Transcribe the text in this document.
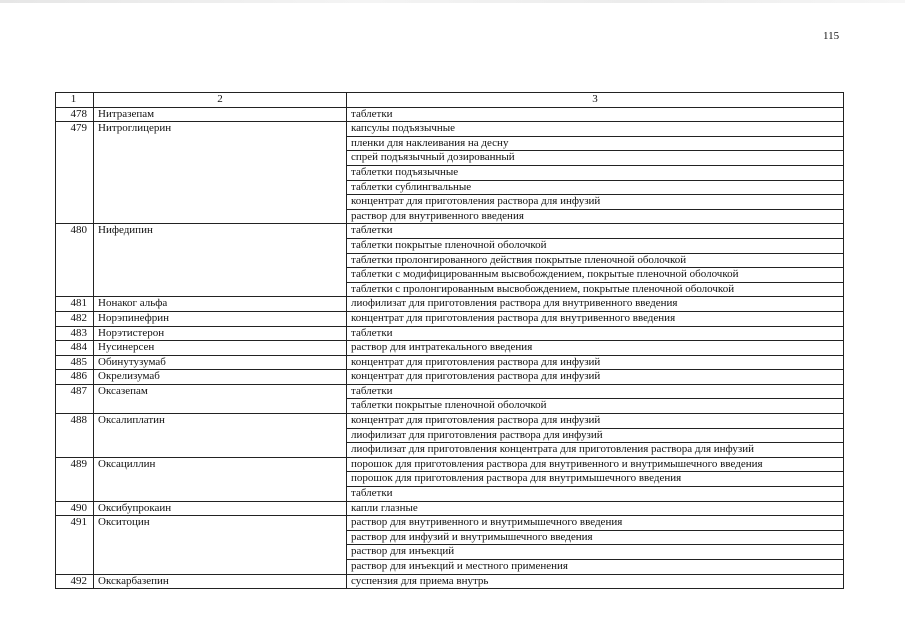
115
1	2	3
478	Нитразепам	таблетки
479	Нитроглицерин	капсулы подъязычные
		пленки для наклеивания на десну
		спрей подъязычный дозированный
		таблетки подъязычные
		таблетки сублингвальные
		концентрат для приготовления раствора для инфузий
		раствор для внутривенного введения
480	Нифедипин	таблетки
		таблетки покрытые пленочной оболочкой
		таблетки пролонгированного действия покрытые пленочной оболочкой
		таблетки с модифицированным высвобождением, покрытые пленочной оболочкой
		таблетки с пролонгированным высвобождением, покрытые пленочной оболочкой
481	Нонаког альфа	лиофилизат для приготовления раствора для внутривенного введения
482	Норэпинефрин	концентрат для приготовления раствора для внутривенного введения
483	Норэтистерон	таблетки
484	Нусинерсен	раствор для интратекального введения
485	Обинутузумаб	концентрат для приготовления раствора для инфузий
486	Окрелизумаб	концентрат для приготовления раствора для инфузий
487	Оксазепам	таблетки
		таблетки покрытые пленочной оболочкой
488	Оксалиплатин	концентрат для приготовления раствора для инфузий
		лиофилизат для приготовления раствора для инфузий
		лиофилизат для приготовления концентрата для приготовления раствора для инфузий
489	Оксациллин	порошок для приготовления раствора для внутривенного и внутримышечного введения
		порошок для приготовления раствора для внутримышечного введения
		таблетки
490	Оксибупрокаин	капли глазные
491	Окситоцин	раствор для внутривенного и внутримышечного введения
		раствор для инфузий и внутримышечного введения
		раствор для инъекций
		раствор для инъекций и местного применения
492	Окскарбазепин	суспензия для приема внутрь
